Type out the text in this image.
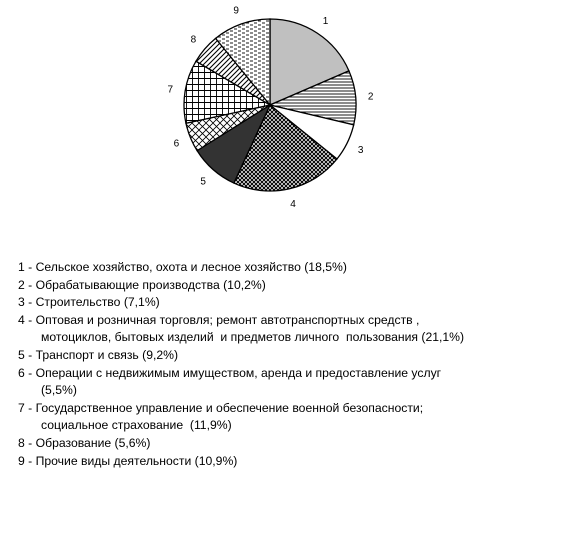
1
2
3
4
5
6
7
8
9
1 - Сельское хозяйство, охота и лесное хозяйство (18,5%)
2 - Обрабатывающие производства (10,2%)
3 - Строительство (7,1%)
4 - Оптовая и розничная торговля; ремонт автотранспортных средств ,
мотоциклов, бытовых изделий  и предметов личного  пользования (21,1%)
5 - Транспорт и связь (9,2%)
6 - Операции с недвижимым имуществом, аренда и предоставление услуг
(5,5%)
7 - Государственное управление и обеспечение военной безопасности;
социальное страхование  (11,9%)
8 - Образование (5,6%)
9 - Прочие виды деятельности (10,9%)
